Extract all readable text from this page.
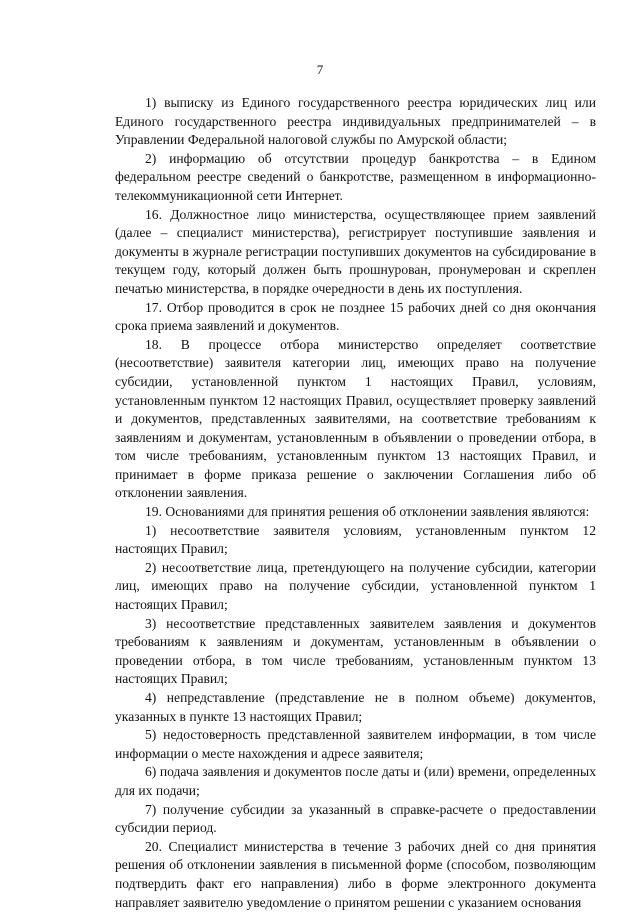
7

1) выписку из Единого государственного реестра юридических лиц или Единого государственного реестра индивидуальных предпринимателей – в Управлении Федеральной налоговой службы по Амурской области;

2) информацию об отсутствии процедур банкротства – в Едином федеральном реестре сведений о банкротстве, размещенном в информационно-телекоммуникационной сети Интернет.

16. Должностное лицо министерства, осуществляющее прием заявлений (далее – специалист министерства), регистрирует поступившие заявления и документы в журнале регистрации поступивших документов на субсидирование в текущем году, который должен быть прошнурован, пронумерован и скреплен печатью министерства, в порядке очередности в день их поступления.

17. Отбор проводится в срок не позднее 15 рабочих дней со дня окончания срока приема заявлений и документов.

18. В процессе отбора министерство определяет соответствие (несоответствие) заявителя категории лиц, имеющих право на получение субсидии, установленной пунктом 1 настоящих Правил, условиям, установленным пунктом 12 настоящих Правил, осуществляет проверку заявлений и документов, представленных заявителями, на соответствие требованиям к заявлениям и документам, установленным в объявлении о проведении отбора, в том числе требованиям, установленным пунктом 13 настоящих Правил, и принимает в форме приказа решение о заключении Соглашения либо об отклонении заявления.

19. Основаниями для принятия решения об отклонении заявления являются:

1) несоответствие заявителя условиям, установленным пунктом 12 настоящих Правил;

2) несоответствие лица, претендующего на получение субсидии, категории лиц, имеющих право на получение субсидии, установленной пунктом 1 настоящих Правил;

3) несоответствие представленных заявителем заявления и документов требованиям к заявлениям и документам, установленным в объявлении о проведении отбора, в том числе требованиям, установленным пунктом 13 настоящих Правил;

4) непредставление (представление не в полном объеме) документов, указанных в пункте 13 настоящих Правил;

5) недостоверность представленной заявителем информации, в том числе информации о месте нахождения и адресе заявителя;

6) подача заявления и документов после даты и (или) времени, определенных для их подачи;

7) получение субсидии за указанный в справке-расчете о предоставлении субсидии период.

20. Специалист министерства в течение 3 рабочих дней со дня принятия решения об отклонении заявления в письменной форме (способом, позволяющим подтвердить факт его направления) либо в форме электронного документа направляет заявителю уведомление о принятом решении с указанием основания
